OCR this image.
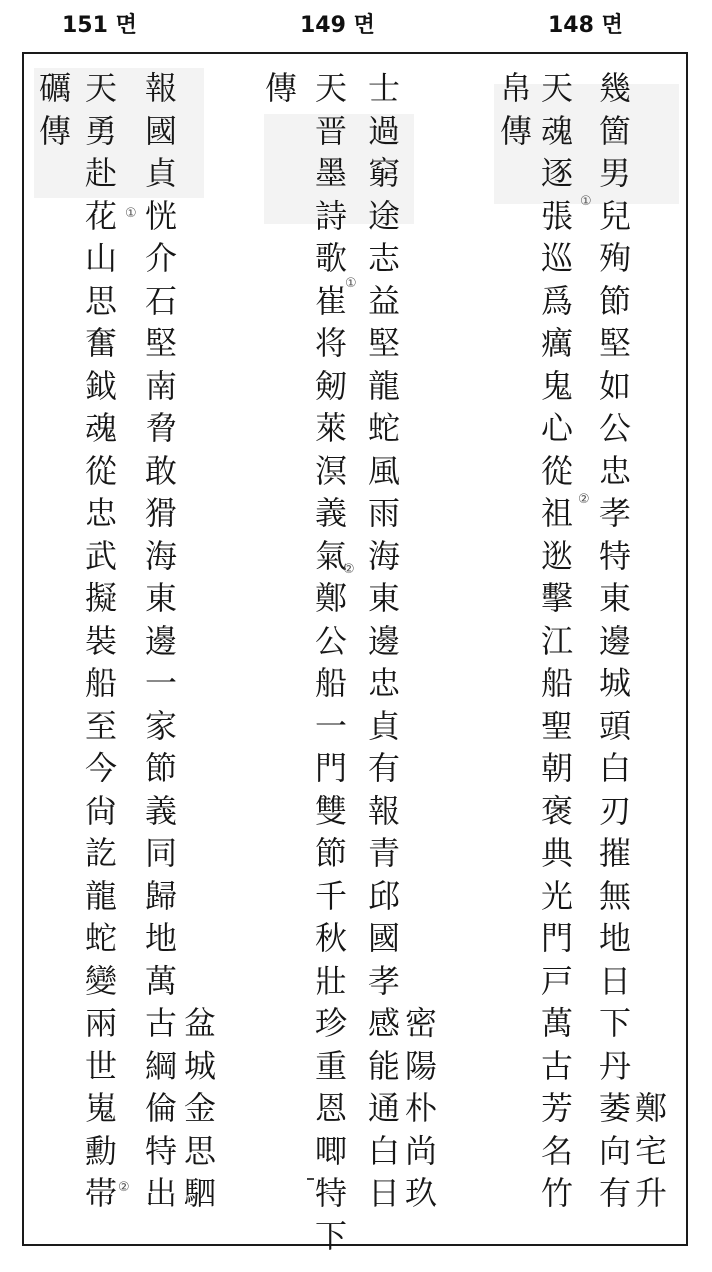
151 면	149 면	148 면
礪
傳
天
勇
赴
花
山
思
奮
鉞
魂
從
忠
武
擬
裝
船
至
今
尙
訖
龍
蛇
變
兩
世
嵬
勳
帯
報
國
貞
恍
介
石
堅
南
脅
敢
猾
海
東
邊
一
家
節
義
同
歸
地
萬
古
綱
倫
特
出
盆
城
金
思
駟
傳 天
晋
墨
詩
歌
崔
将
剱
萊
溟
義
氣
鄭
公
船
一
門
雙
節
千
秋
壯
珍
重
恩
唧
特
下
士
過
窮
途
志
益
堅
龍
蛇
風
雨
海
東
邊
忠
貞
有
報
青
邱
國
孝
感
能
通
白
日
密
陽
朴
尚
玖
帛
傳
天
魂
逐
張
巡
爲
癘
鬼
心
從
祖
逖
擊
江
船
聖
朝
褒
典
光
門
戸
萬
古
芳
名
竹
幾
箇
男
兒
殉
節
堅
如
公
忠
孝
特
東
邊
城
頭
白
刃
摧
無
地
日
下
丹
萎
向
有
鄭
宅
升
①
②
①
②
①
②
